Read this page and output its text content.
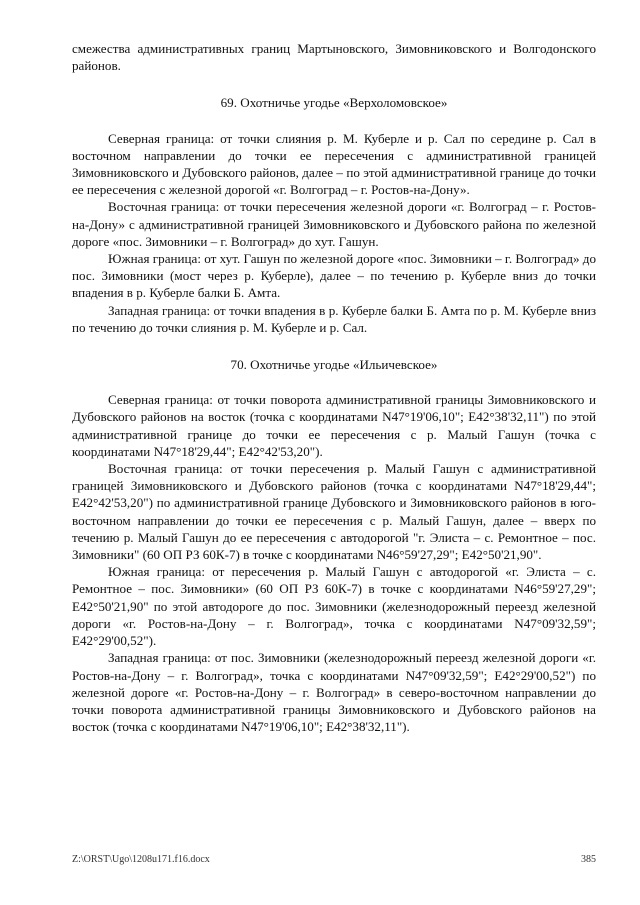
смежества административных границ Мартыновского, Зимовниковского и Волгодонского районов.

69. Охотничье угодье «Верхоломовское»

Северная граница: от точки слияния р. М. Куберле и р. Сал по середине р. Сал в восточном направлении до точки ее пересечения с административной границей Зимовниковского и Дубовского районов, далее – по этой административной границе до точки ее пересечения с железной дорогой «г. Волгоград – г. Ростов-на-Дону».

Восточная граница: от точки пересечения железной дороги «г. Волгоград – г. Ростов-на-Дону» с административной границей Зимовниковского и Дубовского района по железной дороге «пос. Зимовники – г. Волгоград» до хут. Гашун.

Южная граница: от хут. Гашун по железной дороге «пос. Зимовники – г. Волгоград» до пос. Зимовники (мост через р. Куберле), далее – по течению р. Куберле вниз до точки впадения в р. Куберле балки Б. Амта.

Западная граница: от точки впадения в р. Куберле балки Б. Амта по р. М. Куберле вниз по течению до точки слияния р. М. Куберле и р. Сал.

70. Охотничье угодье «Ильичевское»

Северная граница: от точки поворота административной границы Зимовниковского и Дубовского районов на восток (точка с координатами N47°19'06,10"; E42°38'32,11") по этой административной границе до точки ее пересечения с р. Малый Гашун (точка с координатами N47°18'29,44"; E42°42'53,20").

Восточная граница: от точки пересечения р. Малый Гашун с административной границей Зимовниковского и Дубовского районов (точка с координатами N47°18'29,44"; E42°42'53,20") по административной границе Дубовского и Зимовниковского районов в юго-восточном направлении до точки ее пересечения с р. Малый Гашун, далее – вверх по течению р. Малый Гашун до ее пересечения с автодорогой "г. Элиста – с. Ремонтное – пос. Зимовники" (60 ОП РЗ 60К-7) в точке с координатами N46°59'27,29"; E42°50'21,90".

Южная граница: от пересечения р. Малый Гашун с автодорогой «г. Элиста – с. Ремонтное – пос. Зимовники» (60 ОП РЗ 60К-7) в точке с координатами N46°59'27,29"; E42°50'21,90" по этой автодороге до пос. Зимовники (железнодорожный переезд железной дороги «г. Ростов-на-Дону – г. Волгоград», точка с координатами N47°09'32,59"; E42°29'00,52").

Западная граница: от пос. Зимовники (железнодорожный переезд железной дороги «г. Ростов-на-Дону – г. Волгоград», точка с координатами N47°09'32,59"; E42°29'00,52") по железной дороге «г. Ростов-на-Дону – г. Волгоград» в северо-восточном направлении до точки поворота административной границы Зимовниковского и Дубовского районов на восток (точка с координатами N47°19'06,10"; E42°38'32,11").

Z:\ORST\Ugo\1208u171.f16.docx	385
